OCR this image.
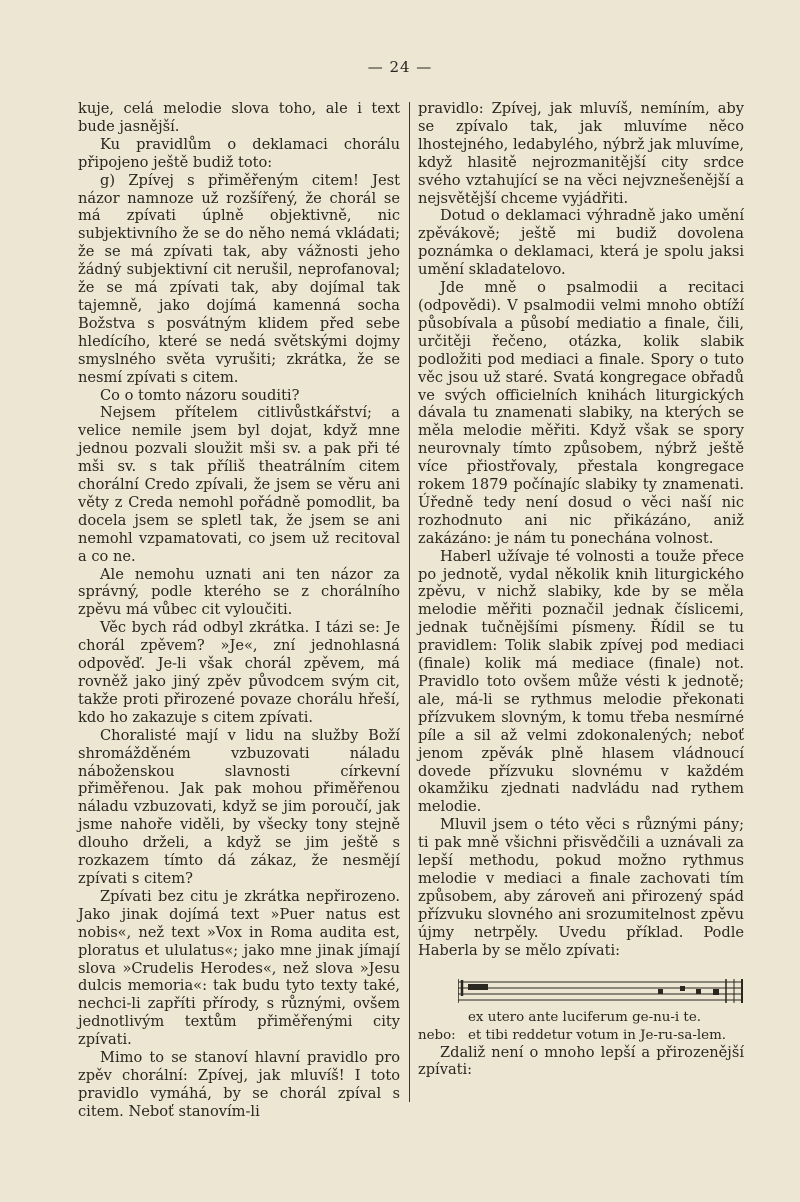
— 24 —

kuje, celá melodie slova toho, ale i text bude jasnější.

Ku pravidlům o deklamaci chorálu připojeno ještě budiž toto:

g) Zpívej s přiměřeným citem! Jest názor namnoze už rozšířený, že chorál se má zpívati úplně objektivně, nic subjektivního že se do něho nemá vkládati; že se má zpívati tak, aby vážnosti jeho žádný subjektivní cit nerušil, neprofanoval; že se má zpívati tak, aby dojímal tak tajemně, jako dojímá kamenná socha Božstva s posvátným klidem před sebe hledícího, které se nedá světskými dojmy smyslného světa vyrušiti; zkrátka, že se nesmí zpívati s citem.

Co o tomto názoru souditi?

Nejsem přítelem citlivůstkářství; a velice nemile jsem byl dojat, když mne jednou pozvali sloužit mši sv. a pak při té mši sv. s tak příliš theatrálním citem chorální Credo zpívali, že jsem se věru ani věty z Creda nemohl pořádně pomodlit, ba docela jsem se spletl tak, že jsem se ani nemohl vzpamatovati, co jsem už recitoval a co ne.

Ale nemohu uznati ani ten názor za správný, podle kterého se z chorálního zpěvu má vůbec cit vyloučiti.

Věc bych rád odbyl zkrátka. I tázi se: Je chorál zpěvem? »Je«, zní jednohlasná odpověď. Je-li však chorál zpěvem, má rovněž jako jiný zpěv původcem svým cit, takže proti přirozené povaze chorálu hřeší, kdo ho zakazuje s citem zpívati.

Choralisté mají v lidu na služby Boží shromážděném vzbuzovati náladu náboženskou slavnosti církevní přiměřenou. Jak pak mohou přiměřenou náladu vzbuzovati, když se jim poroučí, jak jsme nahoře viděli, by všecky tony stejně dlouho drželi, a když se jim ještě s rozkazem tímto dá zákaz, že nesmějí zpívati s citem?

Zpívati bez citu je zkrátka nepřirozeno. Jako jinak dojímá text »Puer natus est nobis«, než text »Vox in Roma audita est, ploratus et ululatus«; jako mne jinak jímají slova »Crudelis Herodes«, než slova »Jesu dulcis memoria«: tak budu tyto texty také, nechci-li zapříti přírody, s různými, ovšem jednotlivým textům přiměřenými city zpívati.

Mimo to se stanoví hlavní pravidlo pro zpěv chorální: Zpívej, jak mluvíš! I toto pravidlo vymáhá, by se chorál zpíval s citem. Neboť stanovím-li

pravidlo: Zpívej, jak mluvíš, nemíním, aby se zpívalo tak, jak mluvíme něco lhostejného, ledabylého, nýbrž jak mluvíme, když hlasitě nejrozmanitější city srdce svého vztahující se na věci nejvznešenější a nejsvětější chceme vyjádřiti.

Dotud o deklamaci výhradně jako umění zpěvákově; ještě mi budiž dovolena poznámka o deklamaci, která je spolu jaksi umění skladatelovo.

Jde mně o psalmodii a recitaci (odpovědi). V psalmodii velmi mnoho obtíží působívala a působí mediatio a finale, čili, určitěji řečeno, otázka, kolik slabik podložiti pod mediaci a finale. Spory o tuto věc jsou už staré. Svatá kongregace obřadů ve svých officielních knihách liturgických dávala tu znamenati slabiky, na kterých se měla melodie měřiti. Když však se spory neurovnaly tímto způsobem, nýbrž ještě více přiostřovaly, přestala kongregace rokem 1879 počínajíc slabiky ty znamenati. Úředně tedy není dosud o věci naší nic rozhodnuto ani nic přikázáno, aniž zakázáno: je nám tu ponechána volnost.

Haberl užívaje té volnosti a touže přece po jednotě, vydal několik knih liturgického zpěvu, v nichž slabiky, kde by se měla melodie měřiti poznačil jednak číslicemi, jednak tučnějšími písmeny. Řídil se tu pravidlem: Tolik slabik zpívej pod mediaci (finale) kolik má mediace (finale) not. Pravidlo toto ovšem může vésti k jednotě; ale, má-li se rythmus melodie překonati přízvukem slovným, k tomu třeba nesmírné píle a sil až velmi zdokonalených; neboť jenom zpěvák plně hlasem vládnoucí dovede přízvuku slovnému v každém okamžiku zjednati nadvládu nad rythem melodie.

Mluvil jsem o této věci s různými pány; ti pak mně všichni přisvědčili a uznávali za lepší methodu, pokud možno rythmus melodie v mediaci a finale zachovati tím způsobem, aby zároveň ani přirozený spád přízvuku slovného ani srozumitelnost zpěvu újmy netrpěly. Uvedu příklad. Podle Haberla by se mělo zpívati:

ex utero ante luciferum ge-nu-i te.
nebo: et tibi reddetur votum in Je-ru-sa-lem.

Zdaliž není o mnoho lepší a přirozenější zpívati:
